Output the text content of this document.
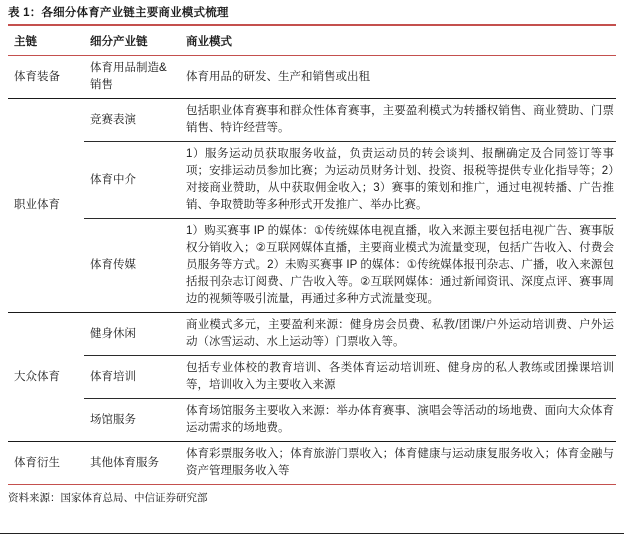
表 1：各细分体育产业链主要商业模式梳理
主链	细分产业链	商业模式
体育装备	体育用品制造&销售	体育用品的研发、生产和销售或出租
职业体育	竞赛表演	包括职业体育赛事和群众性体育赛事，主要盈利模式为转播权销售、商业赞助、门票销售、特许经营等。
	体育中介	1）服务运动员获取服务收益，负责运动员的转会谈判、报酬确定及合同签订等事项；安排运动员参加比赛；为运动员财务计划、投资、报税等提供专业化指导等；2）对接商业赞助，从中获取佣金收入；3）赛事的策划和推广，通过电视转播、广告推销、争取赞助等多种形式开发推广、举办比赛。
	体育传媒	1）购买赛事 IP 的媒体：①传统媒体电视直播，收入来源主要包括电视广告、赛事版权分销收入；②互联网媒体直播，主要商业模式为流量变现，包括广告收入、付费会员服务等方式。2）未购买赛事 IP 的媒体：①传统媒体报刊杂志、广播，收入来源包括报刊杂志订阅费、广告收入等。②互联网媒体：通过新闻资讯、深度点评、赛事周边的视频等吸引流量，再通过多种方式流量变现。
大众体育	健身休闲	商业模式多元，主要盈利来源：健身房会员费、私教/团课/户外运动培训费、户外运动（冰雪运动、水上运动等）门票收入等。
	体育培训	包括专业体校的教育培训、各类体育运动培训班、健身房的私人教练或团操课培训等，培训收入为主要收入来源
	场馆服务	体育场馆服务主要收入来源：举办体育赛事、演唱会等活动的场地费、面向大众体育运动需求的场地费。
体育衍生	其他体育服务	体育彩票服务收入；体育旅游门票收入；体育健康与运动康复服务收入；体育金融与资产管理服务收入等
资料来源：国家体育总局、中信证券研究部
